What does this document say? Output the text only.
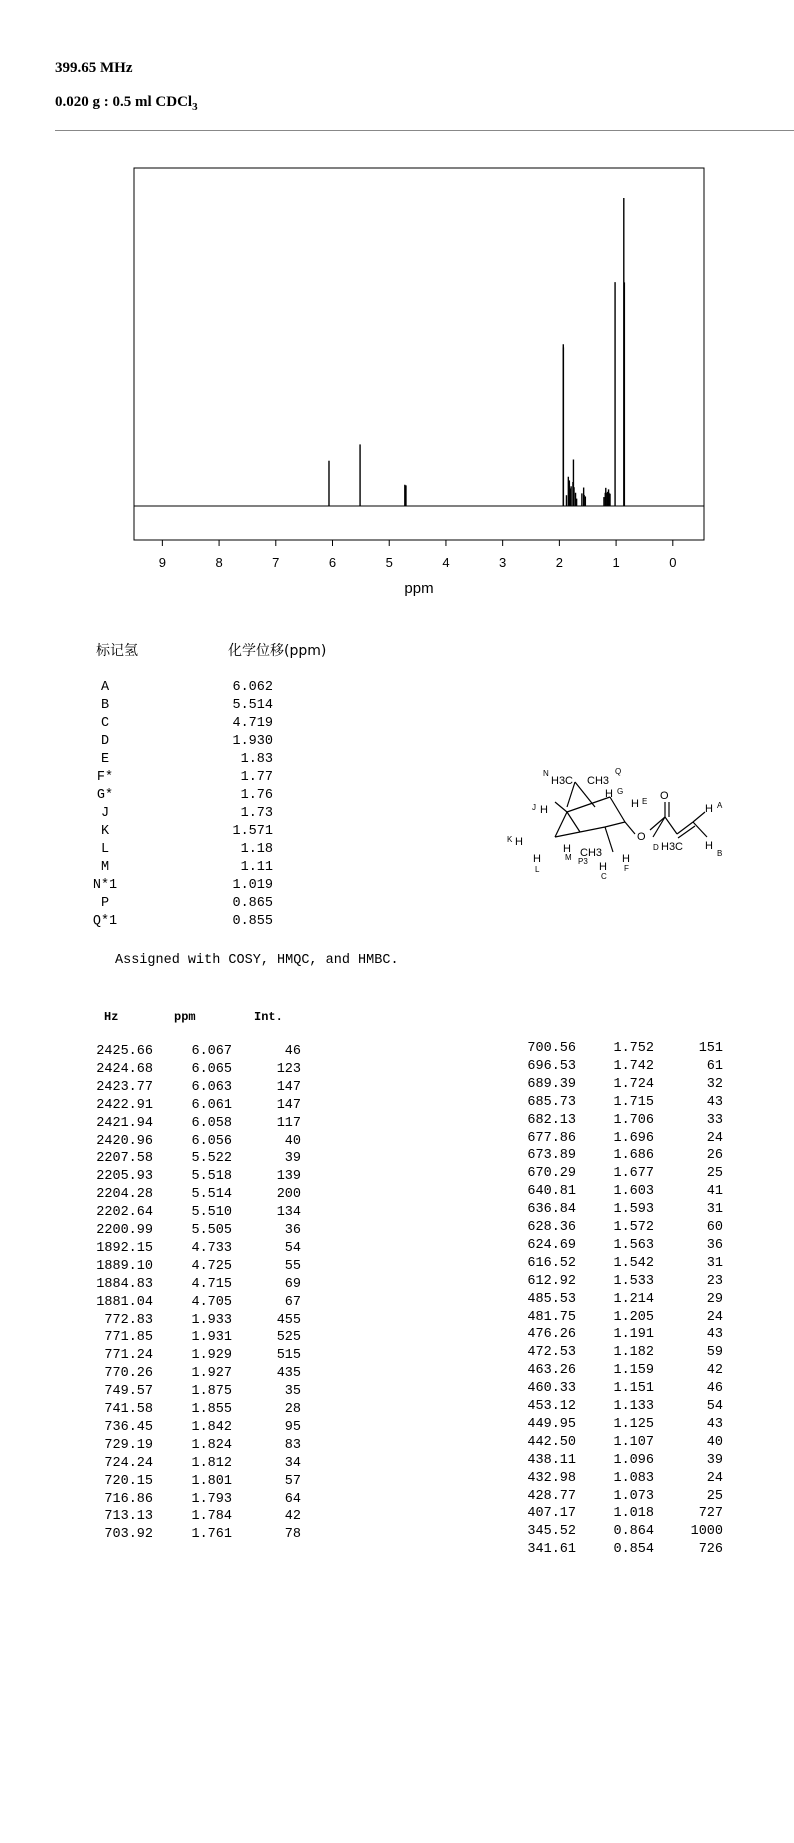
399.65 MHz
0.020 g : 0.5 ml CDCl$_3$
9	8	7	6	5	4	3	2	1	0
ppm
标记氢	化学位移(ppm)
A	6.062
B	5.514
C	4.719
D	1.930
E	1.83
F*	1.77
G*	1.76
J	1.73
K	1.571
L	1.18
M	1.11
N*1	1.019
P	0.865
Q*1	0.855
Assigned with COSY, HMQC, and HMBC.
N
H3C CH3
Q
H G
H E
J H
K H
H
L
H
M CH3
P3 H
C
H
F
O
O
D H3C
H A
H
B
Hz	ppm	Int.
2425.66	6.067	46
2424.68	6.065	123
2423.77	6.063	147
2422.91	6.061	147
2421.94	6.058	117
2420.96	6.056	40
2207.58	5.522	39
2205.93	5.518	139
2204.28	5.514	200
2202.64	5.510	134
2200.99	5.505	36
1892.15	4.733	54
1889.10	4.725	55
1884.83	4.715	69
1881.04	4.705	67
772.83	1.933	455
771.85	1.931	525
771.24	1.929	515
770.26	1.927	435
749.57	1.875	35
741.58	1.855	28
736.45	1.842	95
729.19	1.824	83
724.24	1.812	34
720.15	1.801	57
716.86	1.793	64
713.13	1.784	42
703.92	1.761	78
700.56	1.752	151
696.53	1.742	61
689.39	1.724	32
685.73	1.715	43
682.13	1.706	33
677.86	1.696	24
673.89	1.686	26
670.29	1.677	25
640.81	1.603	41
636.84	1.593	31
628.36	1.572	60
624.69	1.563	36
616.52	1.542	31
612.92	1.533	23
485.53	1.214	29
481.75	1.205	24
476.26	1.191	43
472.53	1.182	59
463.26	1.159	42
460.33	1.151	46
453.12	1.133	54
449.95	1.125	43
442.50	1.107	40
438.11	1.096	39
432.98	1.083	24
428.77	1.073	25
407.17	1.018	727
345.52	0.864	1000
341.61	0.854	726
